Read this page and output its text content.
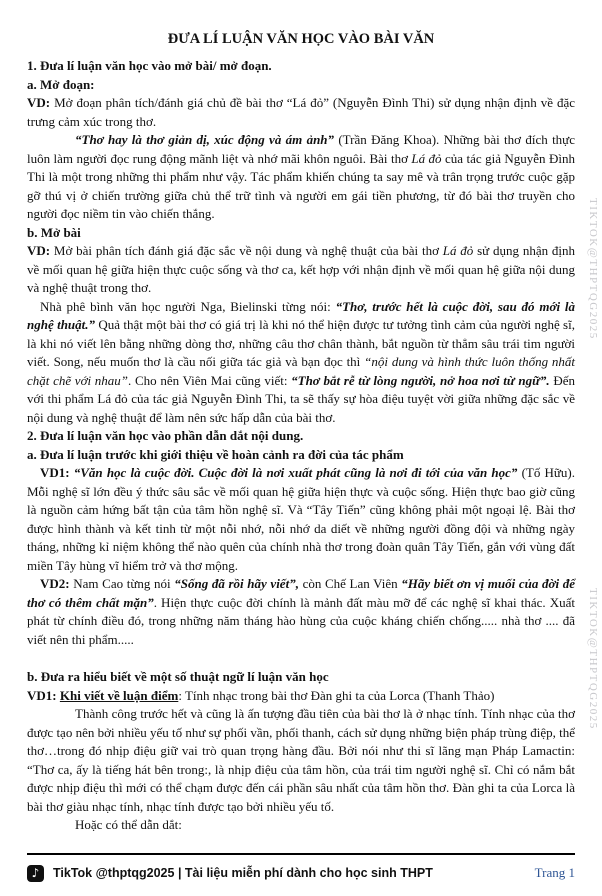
ĐƯA LÍ LUẬN VĂN HỌC VÀO BÀI VĂN

1. Đưa lí luận văn học vào mở bài/ mở đoạn.

a. Mở đoạn:

VD: Mở đoạn phân tích/đánh giá chủ đề bài thơ “Lá đỏ” (Nguyễn Đình Thi) sử dụng nhận định về đặc trưng cảm xúc trong thơ.

“Thơ hay là thơ giản dị, xúc động và ám ảnh” (Trần Đăng Khoa). Những bài thơ đích thực luôn làm người đọc rung động mãnh liệt và nhớ mãi khôn nguôi. Bài thơ Lá đỏ của tác giả Nguyễn Đình Thi là một trong những thi phẩm như vậy. Tác phẩm khiến chúng ta say mê và trân trọng trước cuộc gặp gỡ thú vị ở chiến trường giữa chủ thể trữ tình và người em gái tiền phương, từ đó bài thơ truyền cho người đọc niềm tin vào chiến thắng.

b. Mở bài

VD: Mở bài phân tích đánh giá đặc sắc về nội dung và nghệ thuật của bài thơ Lá đỏ sử dụng nhận định về mối quan hệ giữa hiện thực cuộc sống và thơ ca, kết hợp với nhận định về mối quan hệ giữa nội dung và nghệ thuật trong thơ.

Nhà phê bình văn học người Nga, Bielinski từng nói: “Thơ, trước hết là cuộc đời, sau đó mới là nghệ thuật.” Quả thật một bài thơ có giá trị là khi nó thể hiện được tư tưởng tình cảm của người nghệ sĩ, là khi nó viết lên bằng những dòng thơ, những câu thơ chân thành, bắt nguồn từ thẳm sâu trái tim người viết. Song, nếu muốn thơ là cầu nối giữa tác giả và bạn đọc thì “nội dung và hình thức luôn thống nhất chặt chẽ với nhau”. Cho nên Viên Mai cũng viết: “Thơ bắt rễ từ lòng người, nở hoa nơi từ ngữ”. Đến với thi phẩm Lá đỏ của tác giả Nguyễn Đình Thi, ta sẽ thấy sự hòa điệu tuyệt vời giữa những đặc sắc về nội dung và nghệ thuật để làm nên sức hấp dẫn của bài thơ.

2. Đưa lí luận văn học vào phần dẫn dắt nội dung.

a. Đưa lí luận trước khi giới thiệu về hoàn cảnh ra đời của tác phẩm

VD1: “Văn học là cuộc đời. Cuộc đời là nơi xuất phát cũng là nơi đi tới của văn học” (Tố Hữu). Mỗi nghệ sĩ lớn đều ý thức sâu sắc về mối quan hệ giữa hiện thực và cuộc sống. Hiện thực bao giờ cũng là nguồn cảm hứng bất tận của tâm hồn nghệ sĩ. Và “Tây Tiến” cũng không phải một ngoại lệ. Bài thơ được hình thành và kết tinh từ một nỗi nhớ, nỗi nhớ da diết về những người đồng đội và những ngày tháng, những kỉ niệm không thể nào quên của chính nhà thơ trong đoàn quân Tây Tiến, gắn với vùng đất miền Tây hùng vĩ hiểm trở và thơ mộng.

VD2: Nam Cao từng nói “Sống đã rồi hãy viết”, còn Chế Lan Viên “Hãy biết ơn vị muối của đời để thơ có thêm chất mặn”. Hiện thực cuộc đời chính là mảnh đất màu mỡ để các nghệ sĩ khai thác. Xuất phát từ chính điều đó, trong những năm tháng hào hùng của cuộc kháng chiến chống..... nhà thơ .... đã viết nên thi phẩm.....

b. Đưa ra hiểu biết về một số thuật ngữ lí luận văn học

VD1: Khi viết về luận điểm: Tính nhạc trong bài thơ Đàn ghi ta của Lorca (Thanh Thảo)

Thành công trước hết và cũng là ấn tượng đầu tiên của bài thơ là ở nhạc tính. Tính nhạc của thơ được tạo nên bởi nhiều yếu tố như sự phối vần, phối thanh, cách sử dụng những biện pháp trùng điệp, thể thơ…trong đó nhịp điệu giữ vai trò quan trọng hàng đầu. Bởi nói như thi sĩ lãng mạn Pháp Lamactin: “Thơ ca, ấy là tiếng hát bên trong:, là nhịp điệu của tâm hồn, của trái tim người nghệ sĩ. Chỉ có nắm bắt được nhịp điệu thì mới có thể chạm được đến cái phần sâu nhất của tâm hồn thơ. Đàn ghi ta của Lorca là bài thơ giàu nhạc tính, nhạc tính được tạo bởi nhiều yếu tố.

Hoặc có thể dẫn dắt:

TIKTOK@THPTQG2025
TIKTOK@THPTQG2025
♪ TikTok @thptqg2025 | Tài liệu miễn phí dành cho học sinh THPT	Trang 1
